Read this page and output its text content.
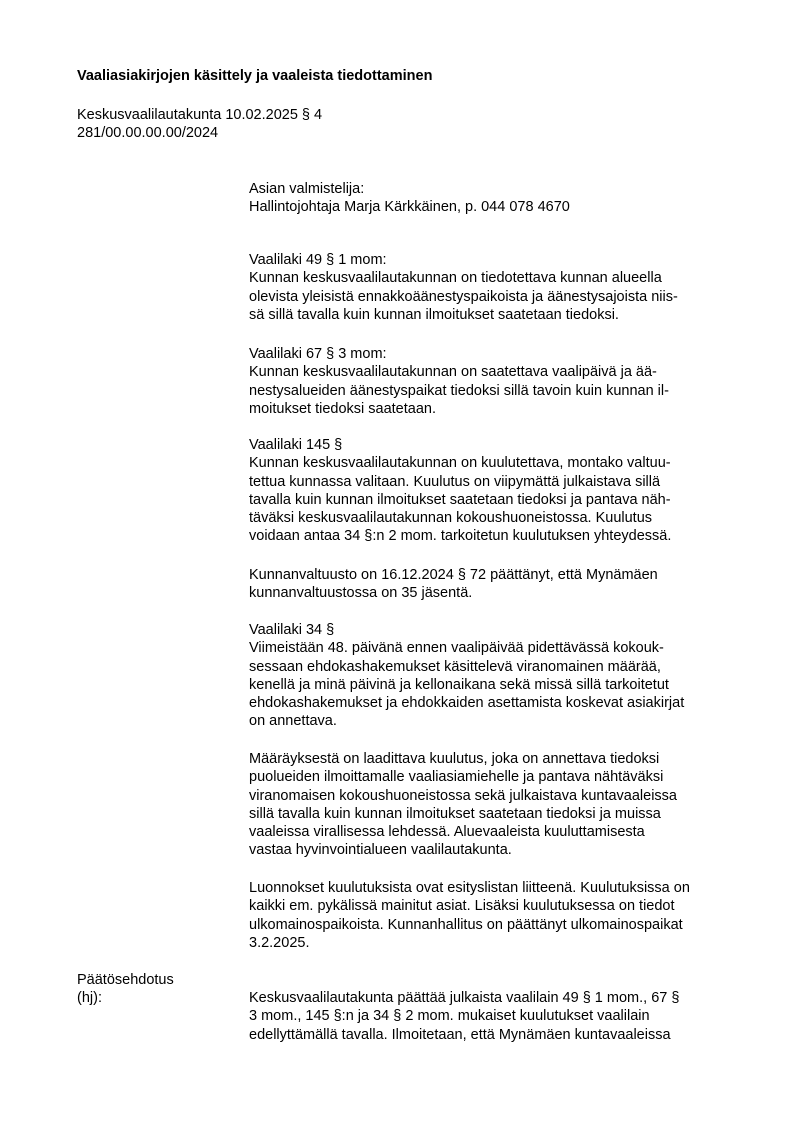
Vaaliasiakirjojen käsittely ja vaaleista tiedottaminen
Keskusvaalilautakunta 10.02.2025 § 4
281/00.00.00.00/2024
Asian valmistelija:
Hallintojohtaja Marja Kärkkäinen, p. 044 078 4670
Vaalilaki 49 § 1 mom:
Kunnan keskusvaalilautakunnan on tiedotettava kunnan alueella
olevista yleisistä ennakkoäänestyspaikoista ja äänestysajoista niis-
sä sillä tavalla kuin kunnan ilmoitukset saatetaan tiedoksi.
Vaalilaki 67 § 3 mom:
Kunnan keskusvaalilautakunnan on saatettava vaalipäivä ja ää-
nestysalueiden äänestyspaikat tiedoksi sillä tavoin kuin kunnan il-
moitukset tiedoksi saatetaan.
Vaalilaki 145 §
Kunnan keskusvaalilautakunnan on kuulutettava, montako valtuu-
tettua kunnassa valitaan. Kuulutus on viipymättä julkaistava sillä
tavalla kuin kunnan ilmoitukset saatetaan tiedoksi ja pantava näh-
täväksi keskusvaalilautakunnan kokoushuoneistossa. Kuulutus
voidaan antaa 34 §:n 2 mom. tarkoitetun kuulutuksen yhteydessä.
Kunnanvaltuusto on 16.12.2024 § 72 päättänyt, että Mynämäen
kunnanvaltuustossa on 35 jäsentä.
Vaalilaki 34 §
Viimeistään 48. päivänä ennen vaalipäivää pidettävässä kokouk-
sessaan ehdokashakemukset käsittelevä viranomainen määrää,
kenellä ja minä päivinä ja kellonaikana sekä missä sillä tarkoitetut
ehdokashakemukset ja ehdokkaiden asettamista koskevat asiakirjat
on annettava.
Määräyksestä on laadittava kuulutus, joka on annettava tiedoksi
puolueiden ilmoittamalle vaaliasiamiehelle ja pantava nähtäväksi
viranomaisen kokoushuoneistossa sekä julkaistava kuntavaaleissa
sillä tavalla kuin kunnan ilmoitukset saatetaan tiedoksi ja muissa
vaaleissa virallisessa lehdessä. Aluevaaleista kuuluttamisesta
vastaa hyvinvointialueen vaalilautakunta.
Luonnokset kuulutuksista ovat esityslistan liitteenä. Kuulutuksissa on
kaikki em. pykälissä mainitut asiat. Lisäksi kuulutuksessa on tiedot
ulkomainospaikoista. Kunnanhallitus on päättänyt ulkomainospaikat
3.2.2025.
Päätösehdotus
(hj):	Keskusvaalilautakunta päättää julkaista vaalilain 49 § 1 mom., 67 §
3 mom., 145 §:n ja 34 § 2 mom. mukaiset kuulutukset vaalilain
edellyttämällä tavalla. Ilmoitetaan, että Mynämäen kuntavaaleissa
